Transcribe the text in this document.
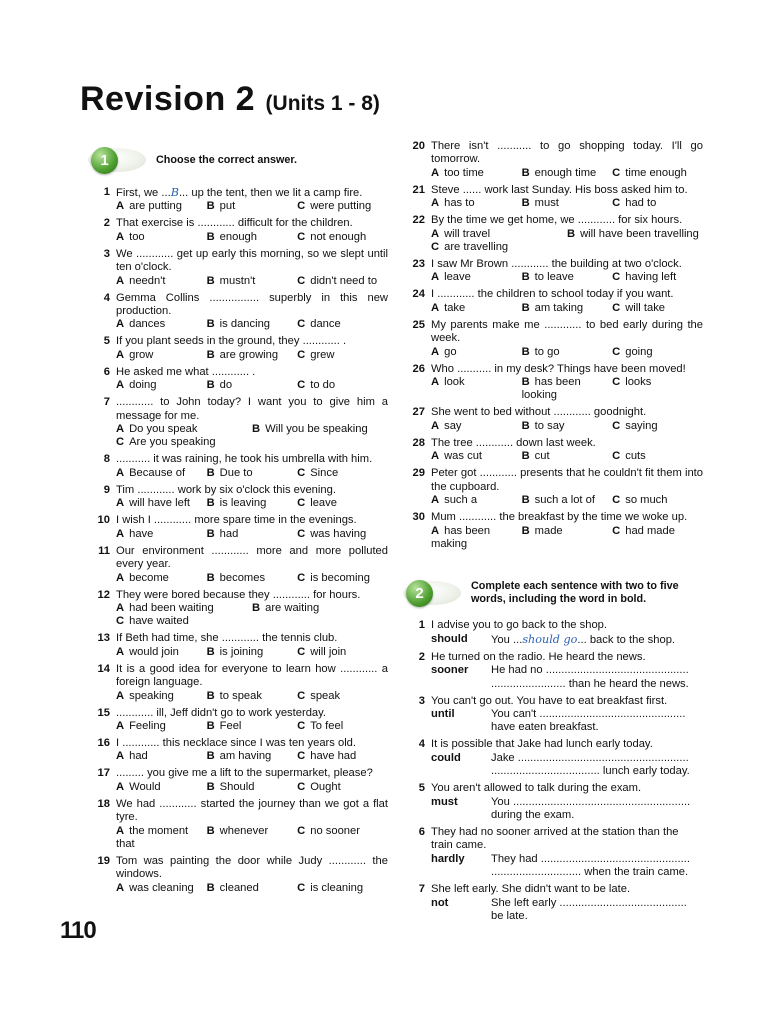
Revision 2 (Units 1 - 8)
1	Choose the correct answer.
1 First, we ...B... up the tent, then we lit a camp fire.
A are putting	B put	C were putting
2 That exercise is ............ difficult for the children.
A too	B enough	C not enough
3 We ............ get up early this morning, so we slept until ten o'clock.
A needn't	B mustn't	C didn't need to
4 Gemma Collins ................ superbly in this new production.
A dances	B is dancing	C dance
5 If you plant seeds in the ground, they ............ .
A grow	B are growing	C grew
6 He asked me what ............ .
A doing	B do	C to do
7 ............ to John today? I want you to give him a message for me.
A Do you speak	B Will you be speaking
C Are you speaking
8 ........... it was raining, he took his umbrella with him.
A Because of	B Due to	C Since
9 Tim ............ work by six o'clock this evening.
A will have left	B is leaving	C leave
10 I wish I ............ more spare time in the evenings.
A have	B had	C was having
11 Our environment ............ more and more polluted every year.
A become	B becomes	C is becoming
12 They were bored because they ............ for hours.
A had been waiting	B are waiting
C have waited
13 If Beth had time, she ............ the tennis club.
A would join	B is joining	C will join
14 It is a good idea for everyone to learn how ............ a foreign language.
A speaking	B to speak	C speak
15 ............ ill, Jeff didn't go to work yesterday.
A Feeling	B Feel	C To feel
16 I ............ this necklace since I was ten years old.
A had	B am having	C have had
17 ......... you give me a lift to the supermarket, please?
A Would	B Should	C Ought
18 We had ............ started the journey than we got a flat tyre.
A the moment that
B whenever	C no sooner
19 Tom was painting the door while Judy ............ the windows.
A was cleaning	B cleaned	C is cleaning
20 There isn't ........... to go shopping today. I'll go tomorrow.
A too time	B enough time	C time enough
21 Steve ...... work last Sunday. His boss asked him to.
A has to	B must	C had to
22 By the time we get home, we ............ for six hours.
A will travel	B will have been travelling
C are travelling
23 I saw Mr Brown ............ the building at two o'clock.
A leave	B to leave	C having left
24 I ............ the children to school today if you want.
A take	B am taking	C will take
25 My parents make me ............ to bed early during the week.
A go	B to go	C going
26 Who ........... in my desk? Things have been moved!
A look	B has been looking
C looks
27 She went to bed without ............ goodnight.
A say	B to say	C saying
28 The tree ............ down last week.
A was cut	B cut	C cuts
29 Peter got ............ presents that he couldn't fit them into the cupboard.
A such a	B such a lot of	C so much
30 Mum ............ the breakfast by the time we woke up.
A has been making
B made	C had made
2	Complete each sentence with two to five
words, including the word in bold.
1 I advise you to go back to the shop.
should	You ...should go... back to the shop.
2 He turned on the radio. He heard the news.
sooner	He had no ..............................................
........................ than he heard the news.
3 You can't go out. You have to eat breakfast first.
until	You can't ...............................................
have eaten breakfast.
4 It is possible that Jake had lunch early today.
could	Jake .......................................................
................................... lunch early today.
5 You aren't allowed to talk during the exam.
must	You .........................................................
during the exam.
6 They had no sooner arrived at the station than the train came.
hardly	They had ................................................
............................. when the train came.
7 She left early. She didn't want to be late.
not	She left early .........................................
be late.
110
